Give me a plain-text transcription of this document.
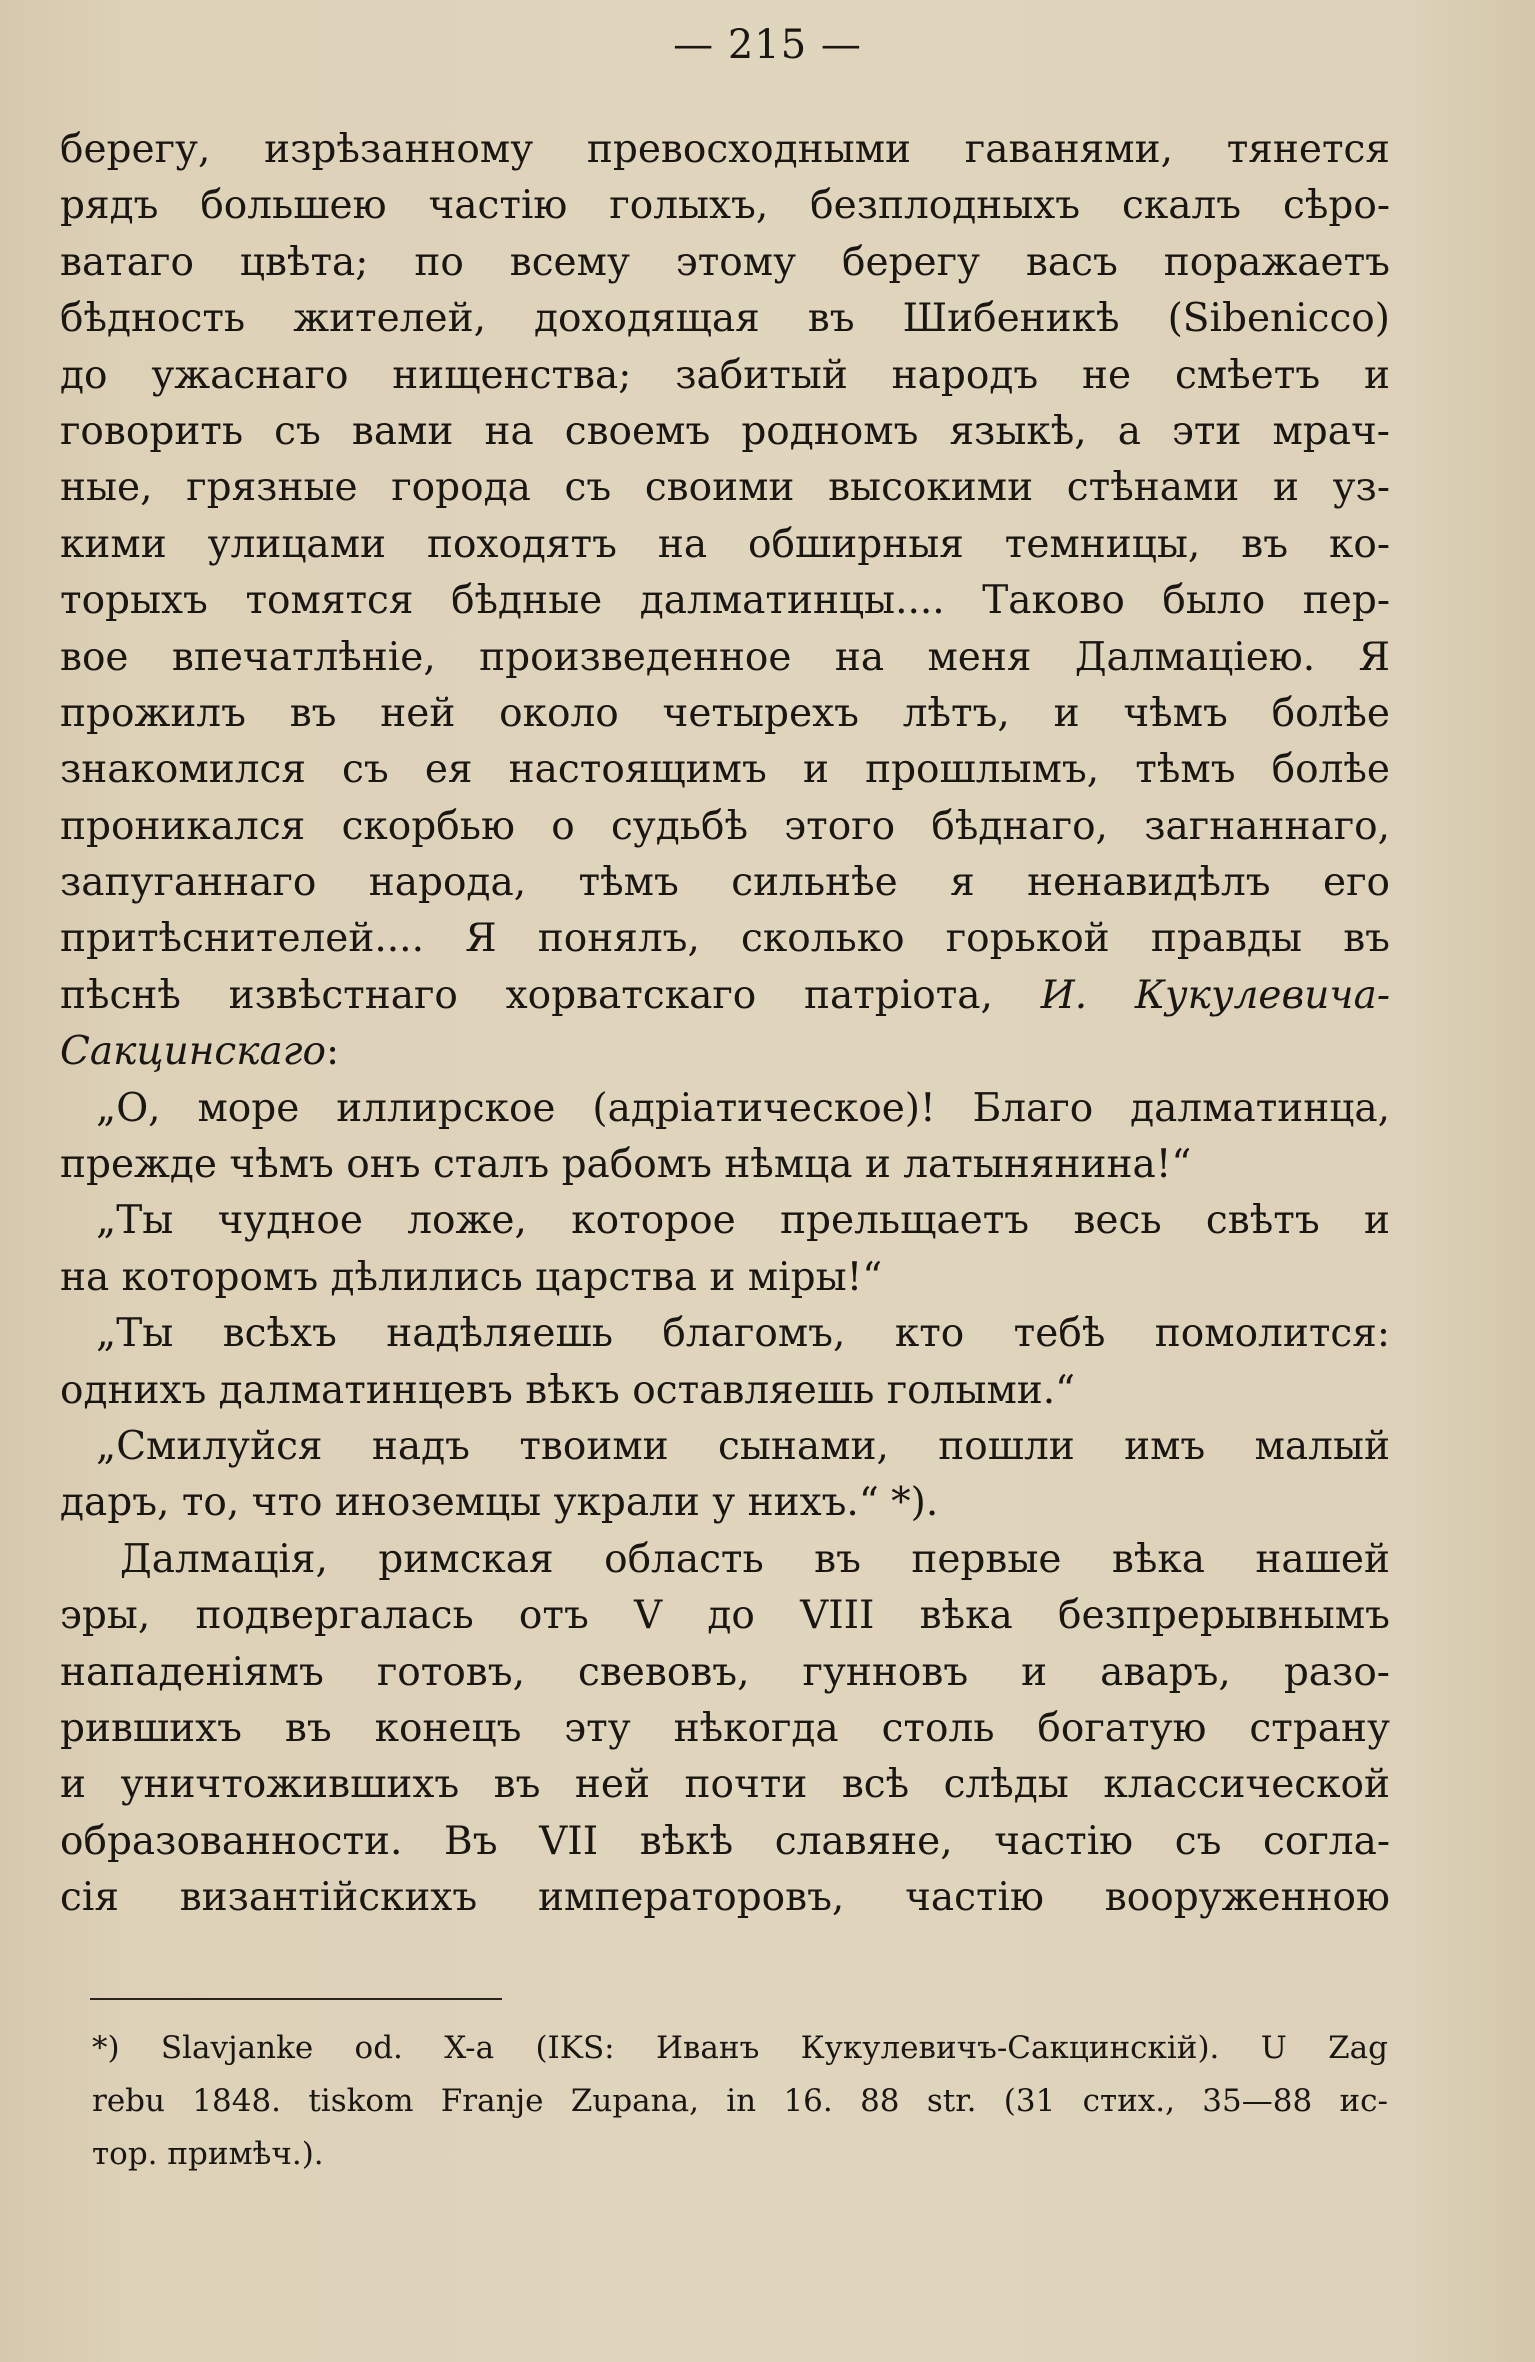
— 215 —
берегу, изрѣзанному превосходными гаванями, тянется
рядъ большею частію голыхъ, безплодныхъ скалъ сѣро-
ватаго цвѣта; по всему этому берегу васъ поражаетъ
бѣдность жителей, доходящая въ Шибеникѣ (Sibeniсcо)
до ужаснаго нищенства; забитый народъ не смѣетъ и
говорить съ вами на своемъ родномъ языкѣ, а эти мрач-
ные, грязные города съ своими высокими стѣнами и уз-
кими улицами походятъ на обширныя темницы, въ ко-
торыхъ томятся бѣдные далматинцы.... Таково было пер-
вое впечатлѣніе, произведенное на меня Далмаціею. Я
прожилъ въ ней около четырехъ лѣтъ, и чѣмъ болѣе
знакомился съ ея настоящимъ и прошлымъ, тѣмъ болѣе
проникался скорбью о судьбѣ этого бѣднаго, загнаннаго,
запуганнаго народа, тѣмъ сильнѣе я ненавидѣлъ его
притѣснителей.... Я понялъ, сколько горькой правды въ
пѣснѣ извѣстнаго хорватскаго патріота, И. Кукулевича-
Сакцинскаго:
„О, море иллирское (адріатическое)! Благо далматинца,
прежде чѣмъ онъ сталъ рабомъ нѣмца и латынянина!“
„Ты чудное ложе, которое прельщаетъ весь свѣтъ и
на которомъ дѣлились царства и міры!“
„Ты всѣхъ надѣляешь благомъ, кто тебѣ помолится:
однихъ далматинцевъ вѣкъ оставляешь голыми.“
„Смилуйся надъ твоими сынами, пошли имъ малый
даръ, то, что иноземцы украли у нихъ.“ *).
Далмація, римская область въ первые вѣка нашей
эры, подвергалась отъ V до VIII вѣка безпрерывнымъ
нападеніямъ готовъ, свевовъ, гунновъ и аваръ, разо-
рившихъ въ конецъ эту нѣкогда столь богатую страну
и уничтожившихъ въ ней почти всѣ слѣды классической
образованности. Въ VII вѣкѣ славяне, частію съ согла-
сія византійскихъ императоровъ, частію вооруженною
*) Slavjanke od. X-a (IKS: Иванъ Кукулевичъ-Сакцинскій). U Zag
rebu 1848. tiskom Franje Zupana, in 16. 88 str. (31 стих., 35—88 ис-
тор. примѣч.).
